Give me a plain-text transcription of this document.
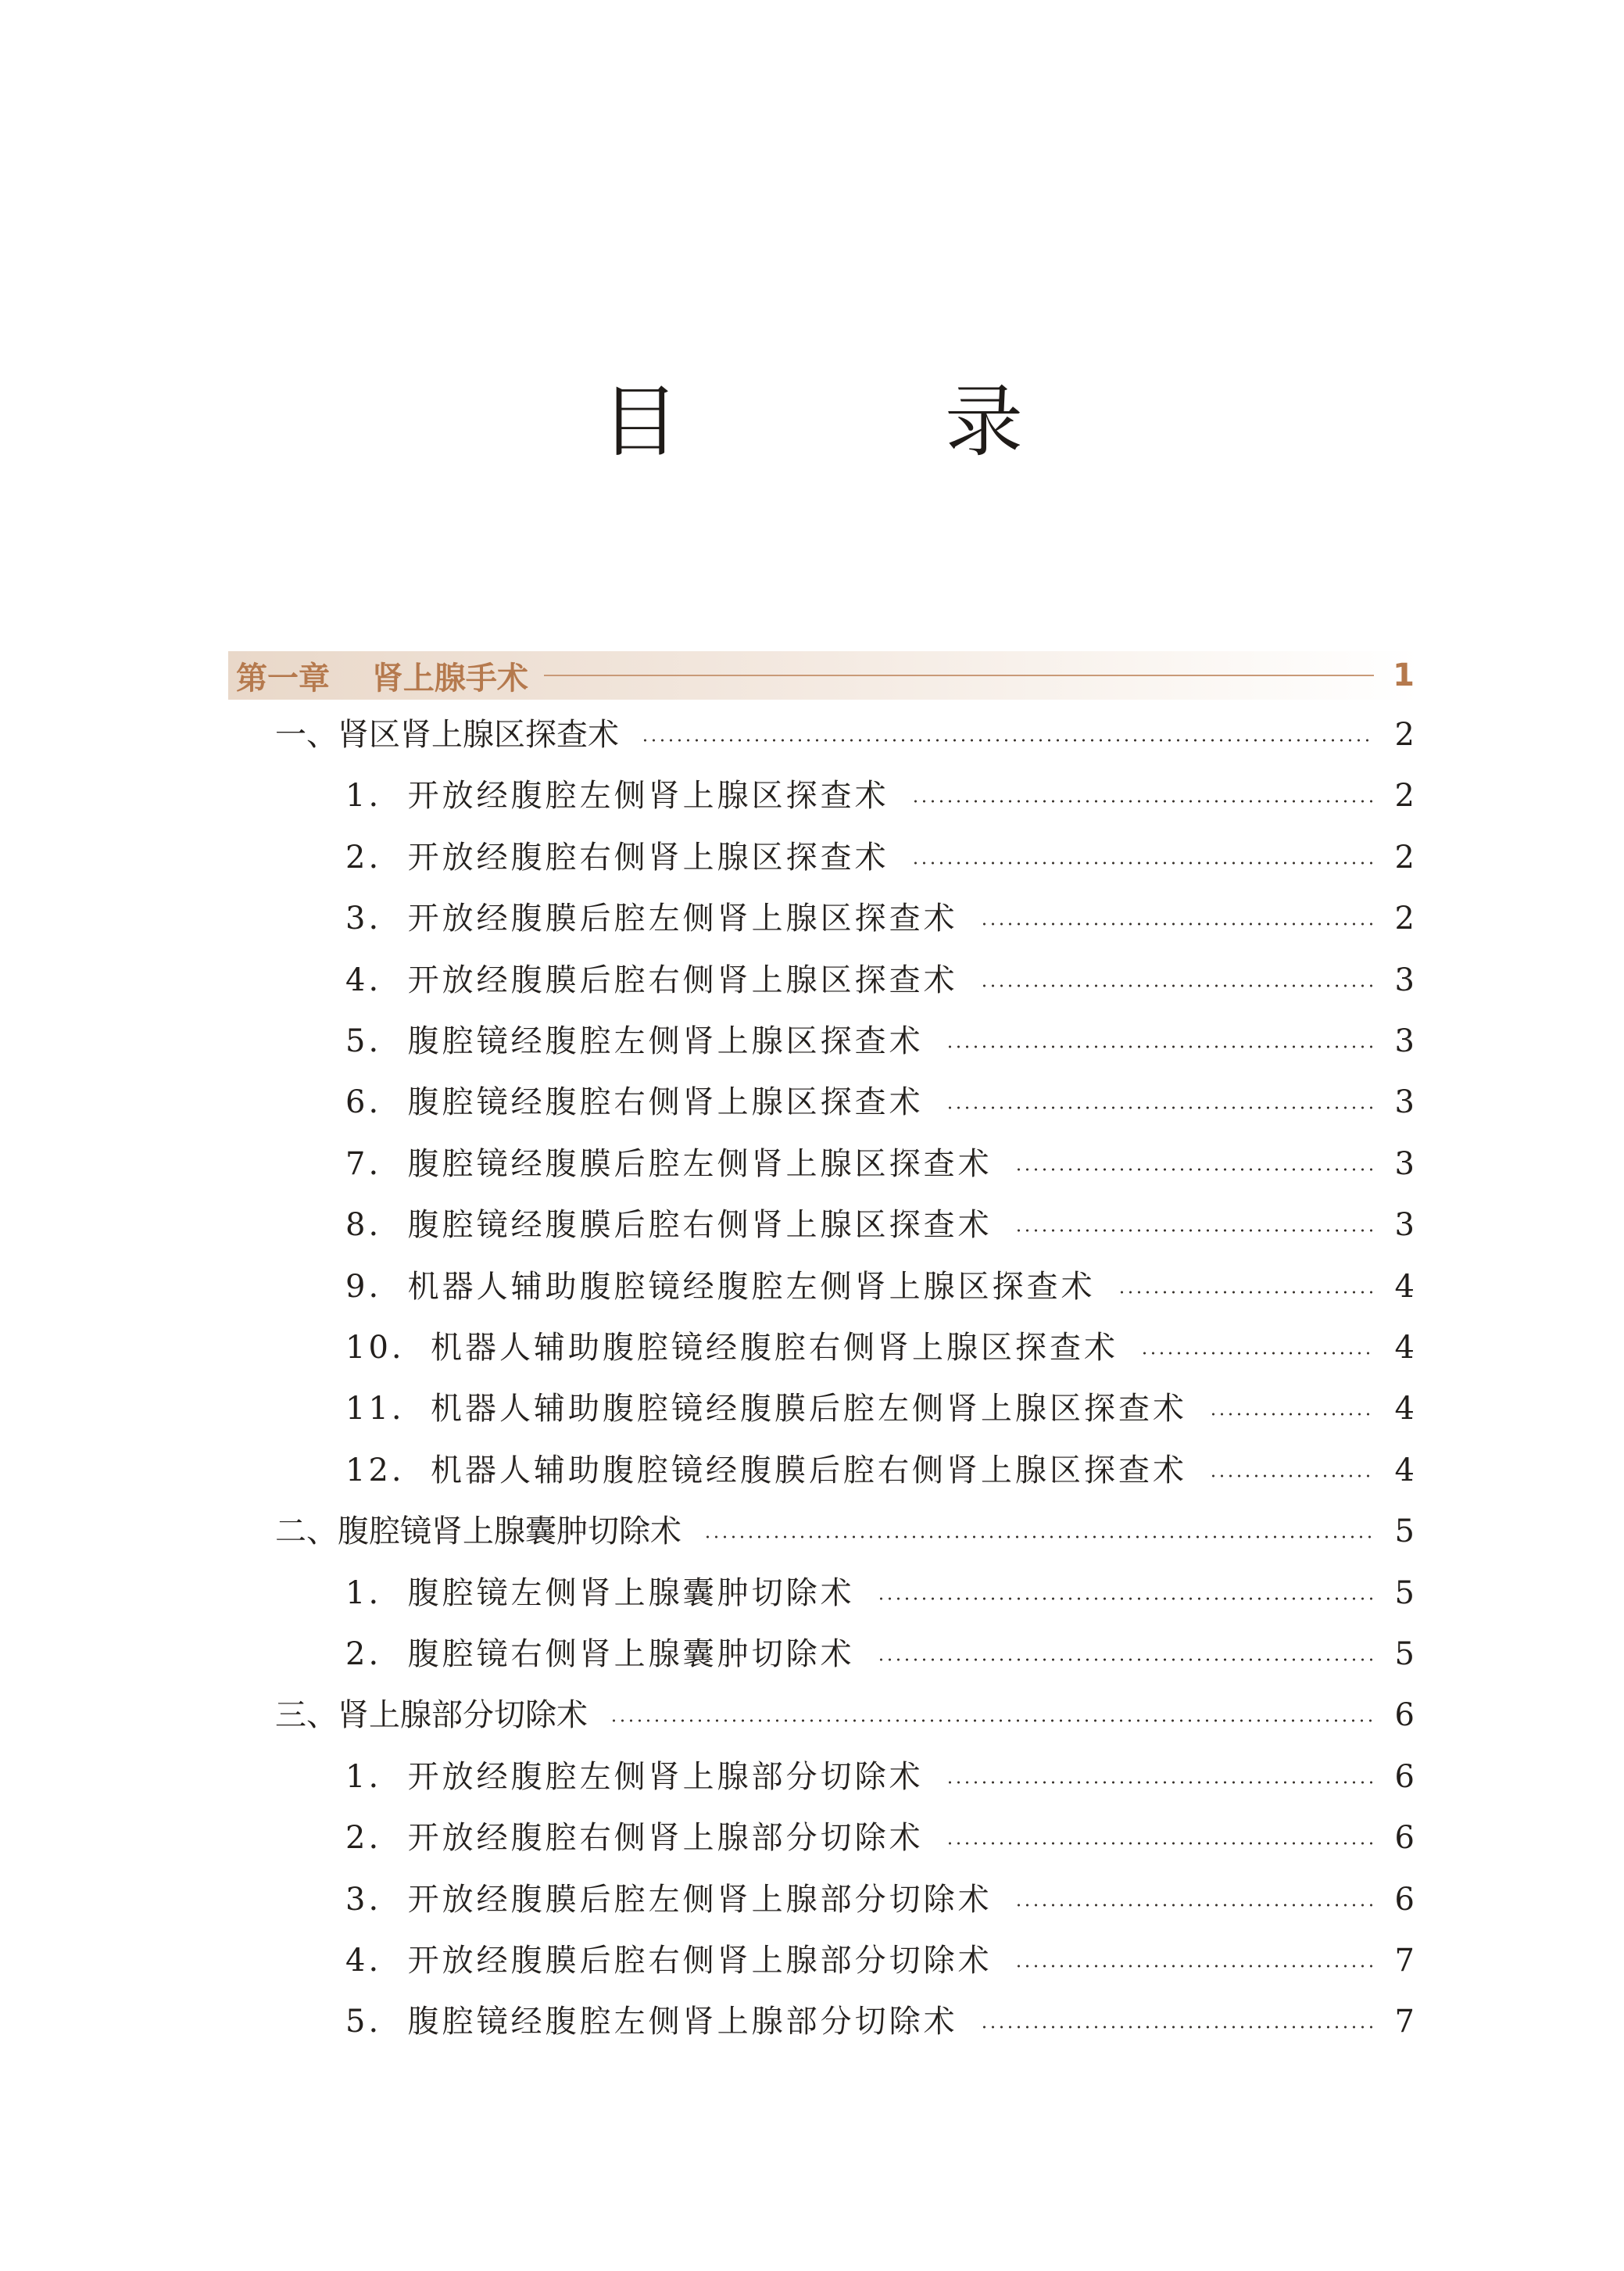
目　录
第一章　 肾上腺手术	1
一、肾区肾上腺区探查术	2
1.  开放经腹腔左侧肾上腺区探查术	2
2.  开放经腹腔右侧肾上腺区探查术	2
3.  开放经腹膜后腔左侧肾上腺区探查术	2
4.  开放经腹膜后腔右侧肾上腺区探查术	3
5.  腹腔镜经腹腔左侧肾上腺区探查术	3
6.  腹腔镜经腹腔右侧肾上腺区探查术	3
7.  腹腔镜经腹膜后腔左侧肾上腺区探查术	3
8.  腹腔镜经腹膜后腔右侧肾上腺区探查术	3
9.  机器人辅助腹腔镜经腹腔左侧肾上腺区探查术	4
10.  机器人辅助腹腔镜经腹腔右侧肾上腺区探查术	4
11.  机器人辅助腹腔镜经腹膜后腔左侧肾上腺区探查术	4
12.  机器人辅助腹腔镜经腹膜后腔右侧肾上腺区探查术	4
二、腹腔镜肾上腺囊肿切除术	5
1.  腹腔镜左侧肾上腺囊肿切除术	5
2.  腹腔镜右侧肾上腺囊肿切除术	5
三、肾上腺部分切除术	6
1.  开放经腹腔左侧肾上腺部分切除术	6
2.  开放经腹腔右侧肾上腺部分切除术	6
3.  开放经腹膜后腔左侧肾上腺部分切除术	6
4.  开放经腹膜后腔右侧肾上腺部分切除术	7
5.  腹腔镜经腹腔左侧肾上腺部分切除术	7
